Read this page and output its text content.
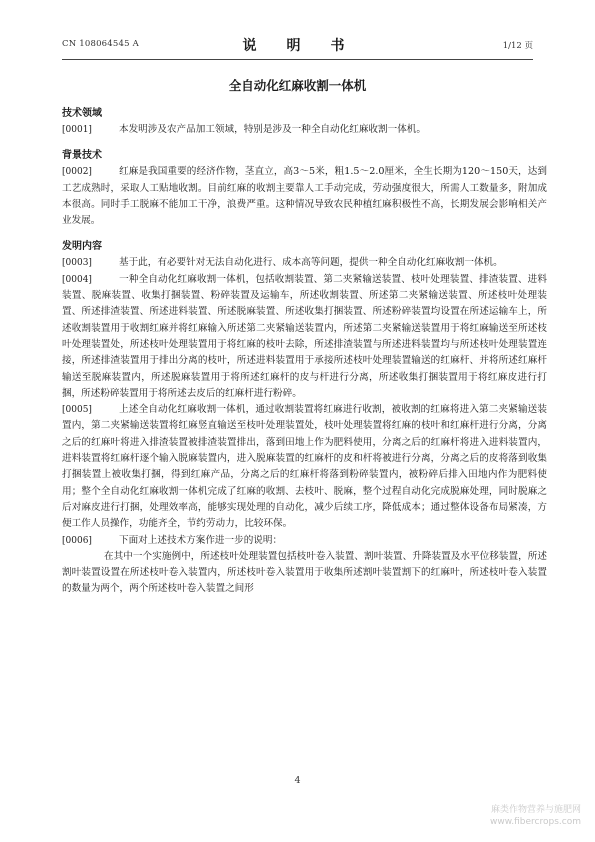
CN 108064545 A	说　明　书	1/12 页
全自动化红麻收割一体机
技术领域

[0001]	本发明涉及农产品加工领域，特别是涉及一种全自动化红麻收割一体机。

背景技术

[0002]	红麻是我国重要的经济作物，茎直立，高3～5米，粗1.5～2.0厘米，全生长期为120～150天，达到工艺成熟时，采取人工贴地收割。目前红麻的收割主要靠人工手动完成，劳动强度很大，所需人工数量多，附加成本很高。同时手工脱麻不能加工干净，浪费严重。这种情况导致农民种植红麻积极性不高，长期发展会影响相关产业发展。

发明内容

[0003]	基于此，有必要针对无法自动化进行、成本高等问题，提供一种全自动化红麻收割一体机。

[0004]	一种全自动化红麻收割一体机，包括收割装置、第二夹紧输送装置、枝叶处理装置、排渣装置、进料装置、脱麻装置、收集打捆装置、粉碎装置及运输车，所述收割装置、所述第二夹紧输送装置、所述枝叶处理装置、所述排渣装置、所述进料装置、所述脱麻装置、所述收集打捆装置、所述粉碎装置均设置在所述运输车上，所述收割装置用于收割红麻并将红麻输入所述第二夹紧输送装置内，所述第二夹紧输送装置用于将红麻输送至所述枝叶处理装置处，所述枝叶处理装置用于将红麻的枝叶去除，所述排渣装置与所述进料装置均与所述枝叶处理装置连接，所述排渣装置用于排出分离的枝叶，所述进料装置用于承接所述枝叶处理装置输送的红麻杆、并将所述红麻杆输送至脱麻装置内，所述脱麻装置用于将所述红麻杆的皮与杆进行分离，所述收集打捆装置用于将红麻皮进行打捆，所述粉碎装置用于将所述去皮后的红麻杆进行粉碎。

[0005]	上述全自动化红麻收割一体机，通过收割装置将红麻进行收割，被收割的红麻将进入第二夹紧输送装置内，第二夹紧输送装置将红麻竖直输送至枝叶处理装置处，枝叶处理装置将红麻的枝叶和红麻杆进行分离，分离之后的红麻叶将进入排渣装置被排渣装置排出，落到田地上作为肥料使用，分离之后的红麻杆将进入进料装置内，进料装置将红麻杆逐个输入脱麻装置内，进入脱麻装置的红麻杆的皮和杆将被进行分离，分离之后的皮将落到收集打捆装置上被收集打捆，得到红麻产品，分离之后的红麻杆将落到粉碎装置内，被粉碎后排入田地内作为肥料使用；整个全自动化红麻收割一体机完成了红麻的收割、去枝叶、脱麻，整个过程自动化完成脱麻处理，同时脱麻之后对麻皮进行打捆，处理效率高，能够实现处理的自动化，减少后续工序，降低成本；通过整体设备布局紧凑，方便工作人员操作，功能齐全，节约劳动力，比较环保。

[0006]	下面对上述技术方案作进一步的说明：

在其中一个实施例中，所述枝叶处理装置包括枝叶卷入装置、割叶装置、升降装置及水平位移装置，所述割叶装置设置在所述枝叶卷入装置内，所述枝叶卷入装置用于收集所述割叶装置割下的红麻叶，所述枝叶卷入装置的数量为两个，两个所述枝叶卷入装置之间形

4
麻类作物营养与施肥网
www.fibercrops.com
